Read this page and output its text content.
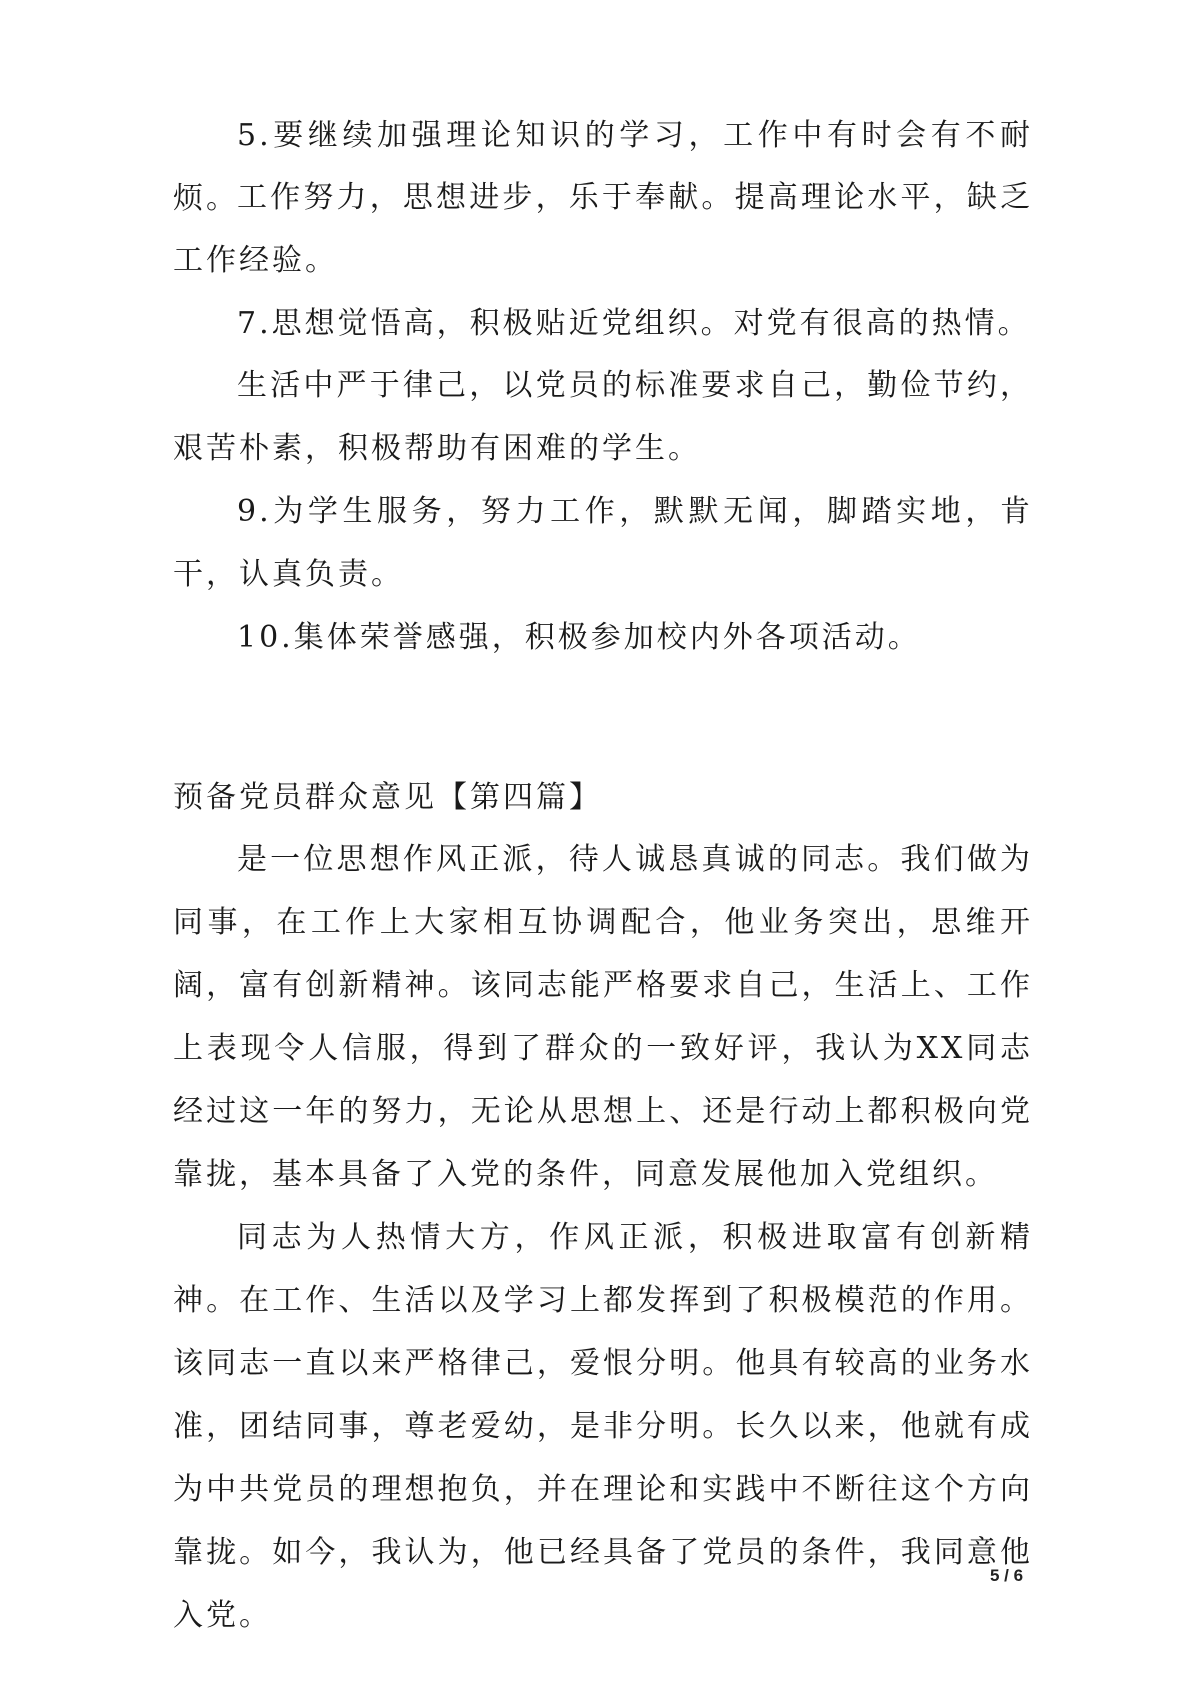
5.要继续加强理论知识的学习，工作中有时会有不耐烦。

工作努力，思想进步，乐于奉献。提高理论水平，缺乏工作经验。

7.思想觉悟高，积极贴近党组织。对党有很高的热情。

生活中严于律己，以党员的标准要求自己，勤俭节约，艰苦朴素，积极帮助有困难的学生。

9.为学生服务，努力工作，默默无闻，脚踏实地，肯干，认真负责。

10.集体荣誉感强，积极参加校内外各项活动。

预备党员群众意见【第四篇】

是一位思想作风正派，待人诚恳真诚的同志。我们做为同事，在工作上大家相互协调配合，他业务突出，思维开阔，富有创新精神。该同志能严格要求自己，生活上、工作上表现令人信服，得到了群众的一致好评，我认为XX同志经过这一年的努力，无论从思想上、还是行动上都积极向党靠拢，基本具备了入党的条件，同意发展他加入党组织。

同志为人热情大方，作风正派，积极进取富有创新精神。在工作、生活以及学习上都发挥到了积极模范的作用。该同志一直以来严格律己，爱恨分明。他具有较高的业务水准，团结同事，尊老爱幼，是非分明。长久以来，他就有成为中共党员的理想抱负，并在理论和实践中不断往这个方向靠拢。如今，我认为，他已经具备了党员的条件，我同意他入党。

5 / 6
